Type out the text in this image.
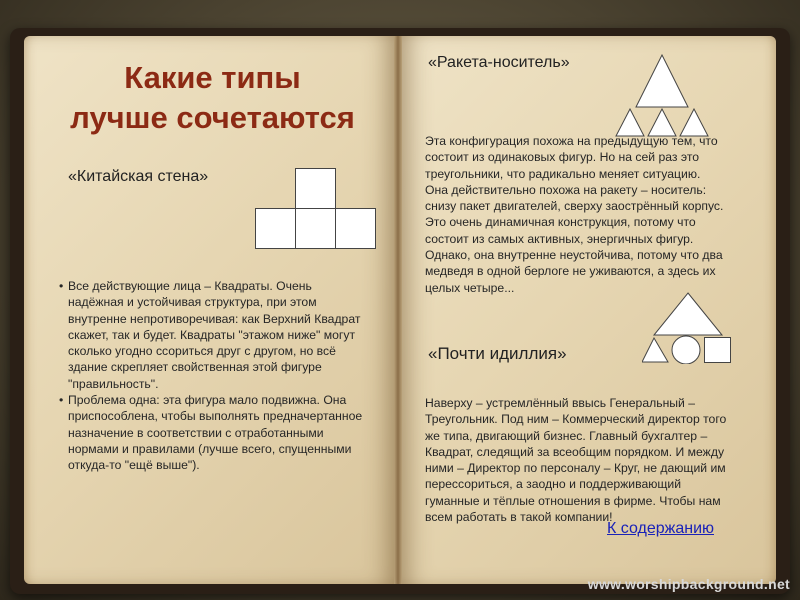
Какие типы
лучше сочетаются
«Китайская стена»

• Все действующие лица – Квадраты. Очень надёжная и устойчивая структура, при этом внутренне непротиворечивая: как Верхний Квадрат скажет, так и будет. Квадраты "этажом ниже" могут сколько угодно ссориться друг с другом, но всё здание скрепляет свойственная этой фигуре "правильность".

• Проблема одна: эта фигура мало подвижна. Она приспособлена, чтобы выполнять предначертанное назначение в соответствии с отработанными нормами и правилами (лучше всего, спущенными откуда-то "ещё выше").

«Ракета-носитель»
Эта конфигурация похожа на предыдущую тем, что состоит из одинаковых фигур. Но на сей раз это треугольники, что радикально меняет ситуацию.
Она действительно похожа на ракету – носитель: снизу пакет двигателей, сверху заострённый корпус. Это очень динамичная конструкция, потому что состоит из самых активных, энергичных фигур. Однако, она внутренне неустойчива, потому что два медведя в одной берлоге не уживаются, а здесь их целых четыре...
«Почти идиллия»
Наверху – устремлённый ввысь Генеральный – Треугольник. Под ним – Коммерческий директор того же типа, двигающий бизнес. Главный бухгалтер – Квадрат, следящий за всеобщим порядком. И между ними – Директор по персоналу – Круг, не дающий им перессориться, а заодно и поддерживающий гуманные и тёплые отношения в фирме. Чтобы нам всем работать в такой компании!
К содержанию
www.worshipbackground.net
